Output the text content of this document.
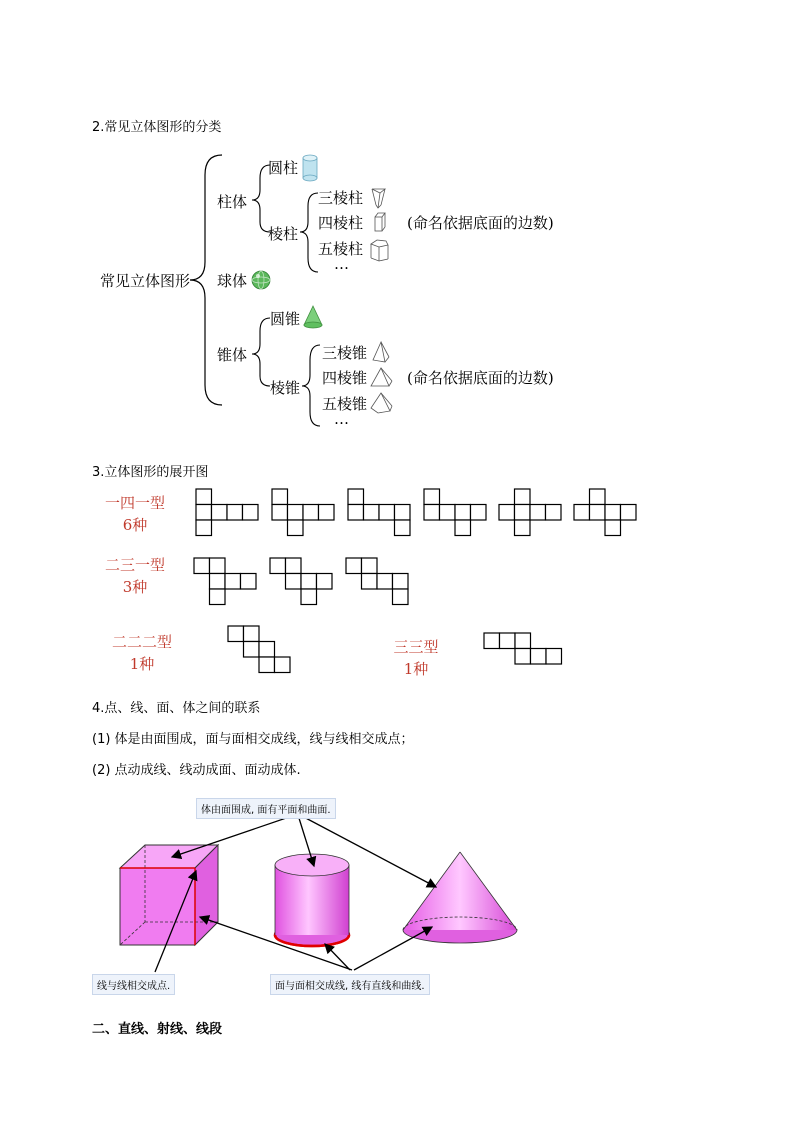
2.常见立体图形的分类
常见立体图形
柱体
球体
锥体
圆柱
棱柱
三棱柱
四棱柱
五棱柱
…
(命名依据底面的边数)
圆锥
棱锥
三棱锥
四棱锥
五棱锥
…
(命名依据底面的边数)
3.立体图形的展开图
一四一型
6种
二三一型
3种
二二二型
1种
三三型
1种
4.点、线、面、体之间的联系
(1) 体是由面围成，面与面相交成线，线与线相交成点；
(2) 点动成线、线动成面、面动成体.
体由面围成, 面有平面和曲面.
线与线相交成点.	面与面相交成线, 线有直线和曲线.
二、直线、射线、线段
